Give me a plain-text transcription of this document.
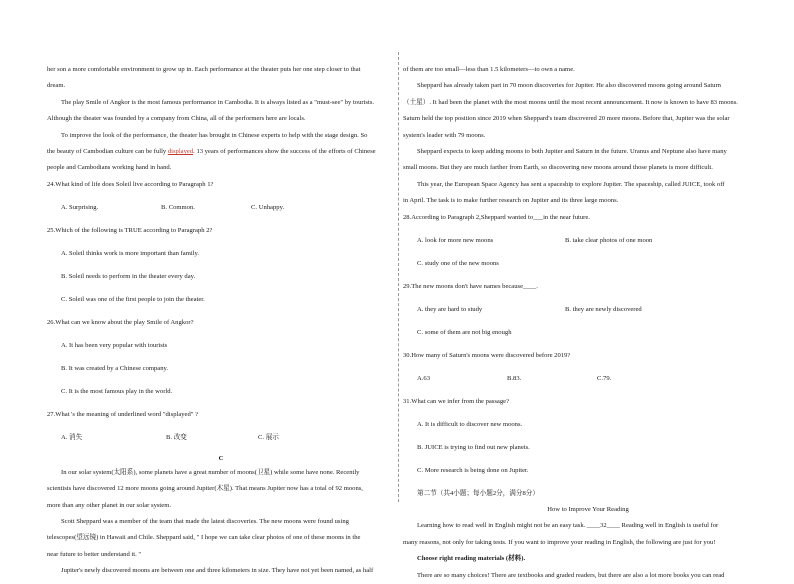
her son a more comfortable environment to grow up in. Each performance at the theater puts her one step closer to that

dream.

The play Smile of Angkor is the most famous performance in Cambodia. It is always listed as a "must-see" by tourists.

Although the theater was founded by a company from China, all of the performers here are locals.

To improve the look of the performance, the theater has brought in Chinese experts to help with the stage design. So

the beauty of Cambodian culture can be fully displayed. 13 years of performances show the success of the efforts of Chinese

people and Cambodians working hand in hand.

24.What kind of life does Soleil live according to Paragraph 1?

A. Surprising.	B. Common.	C. Unhappy.

25.Which of the following is TRUE according to Paragraph 2?

A. Soleil thinks work is more important than family.

B. Soleil needs to perform in the theater every day.

C. Soleil was one of the first people to join the theater.

26.What can we know about the play Smile of Angkor?

A. It has been very popular with tourists

B. It was created by a Chinese company.

C. It is the most famous play in the world.

27.What 's the meaning of underlined word "displayed" ?

A. 消失	B. 改变	C. 展示

C

In our solar system(太阳系), some planets have a great number of moons(卫星) while some have none. Recently

scientists have discovered 12 more moons going around Jupiter(木星). That means Jupiter now has a total of 92 moons,

more than any other planet in our solar system.

Scott Sheppard was a member of the team that made the latest discoveries. The new moons were found using

telescopes(望远镜) in Hawaii and Chile. Sheppard said, " I hope we can take clear photos of one of these moons in the

near future to better understand it. "

Jupiter's newly discovered moons are between one and three kilometers in size. They have not yet been named, as half

of them are too small—less than 1.5 kilometers—to own a name.

Sheppard has already taken part in 70 moon discoveries for Jupiter. He also discovered moons going around Saturn

（土星）. It had been the planet with the most moons until the most recent announcement. It now is known to have 83 moons.

Saturn held the top position since 2019 when Sheppard's team discovered 20 more moons. Before that, Jupiter was the solar

system's leader with 79 moons.

Sheppard expects to keep adding moons to both Jupiter and Saturn in the future. Uranus and Neptune also have many

small moons. But they are much farther from Earth, so discovering new moons around those planets is more difficult.

This year, the European Space Agency has sent a spaceship to explore Jupiter. The spaceship, called JUICE, took off

in April. The task is to make further research on Jupiter and its three large moons.

28.According to Paragraph 2,Sheppard wanted to___in the near future.

A. look for more new moons	B. take clear photos of one moon

C. study one of the new moons

29.The new moons don't have names because____.

A. they are hard to study	B. they are newly discovered

C. some of them are not big enough

30.How many of Saturn's moons were discovered before 2019?

A.63	B.83.	C.79.

31.What can we infer from the passage?

A. It is difficult to discover new moons.

B. JUICE is trying to find out new planets.

C. More research is being done on Jupiter.

第二节（共4小题；每小题2分，满分8分）

How to Improve Your Reading

Learning how to read well in English might not be an easy task. ____32____ Reading well in English is useful for

many reasons, not only for taking tests. If you want to improve your reading in English, the following are just for you!

Choose right reading materials (材料).

There are so many choices! There are textbooks and graded readers, but there are also a lot more books you can read
